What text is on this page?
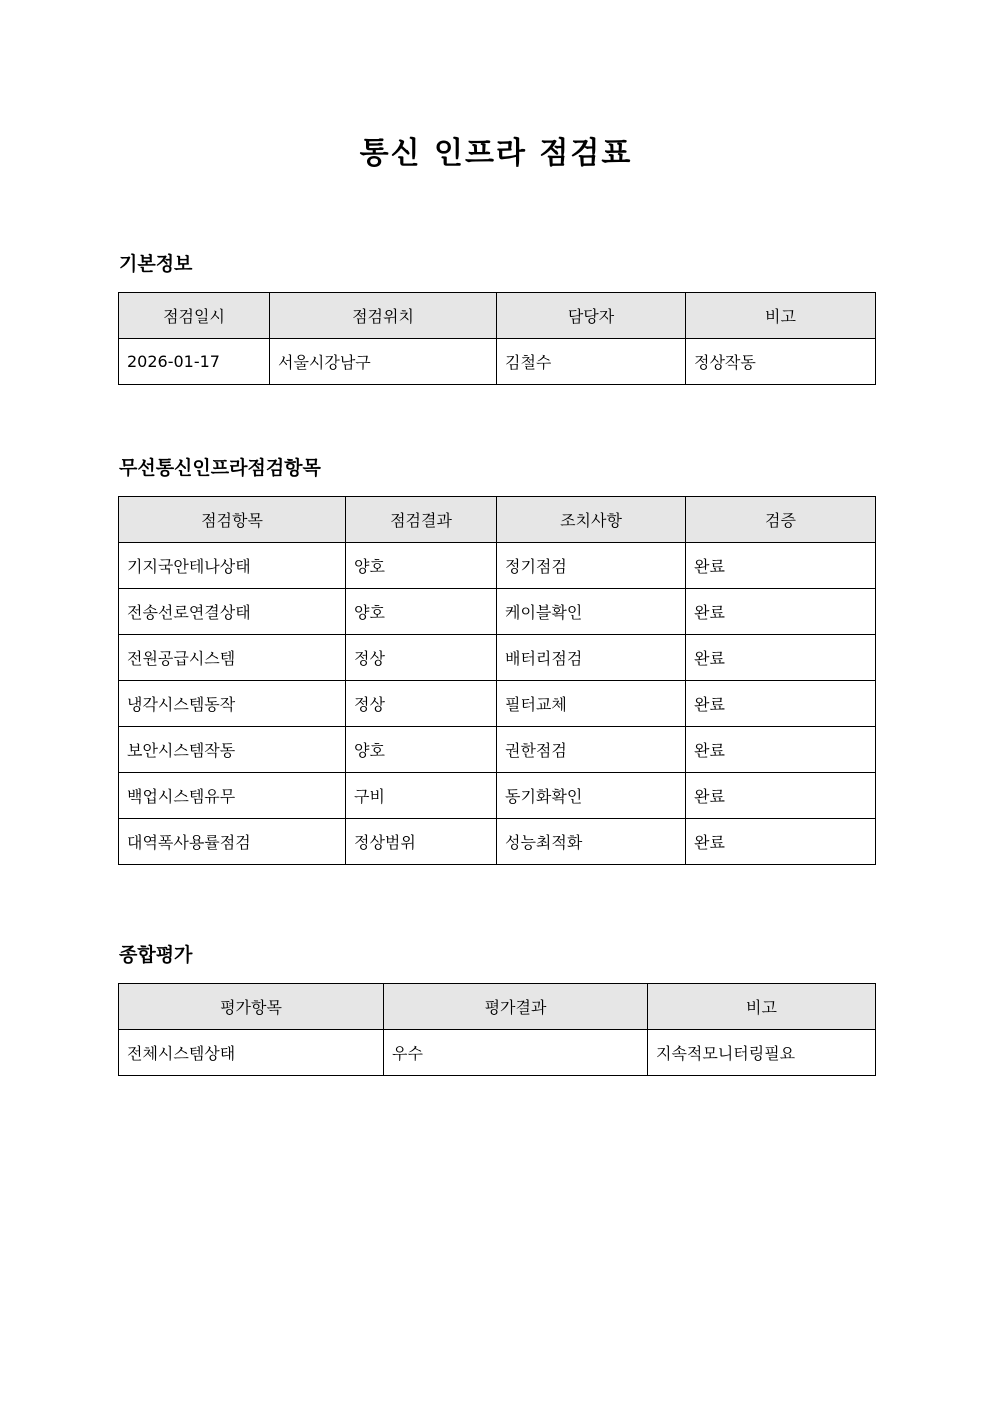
통신 인프라 점검표
기본정보
점검일시	점검위치	담당자	비고
2026-01-17	서울시강남구	김철수	정상작동
무선통신인프라점검항목
점검항목	점검결과	조치사항	검증
기지국안테나상태	양호	정기점검	완료
전송선로연결상태	양호	케이블확인	완료
전원공급시스템	정상	배터리점검	완료
냉각시스템동작	정상	필터교체	완료
보안시스템작동	양호	권한점검	완료
백업시스템유무	구비	동기화확인	완료
대역폭사용률점검	정상범위	성능최적화	완료
종합평가
평가항목	평가결과	비고
전체시스템상태	우수	지속적모니터링필요
